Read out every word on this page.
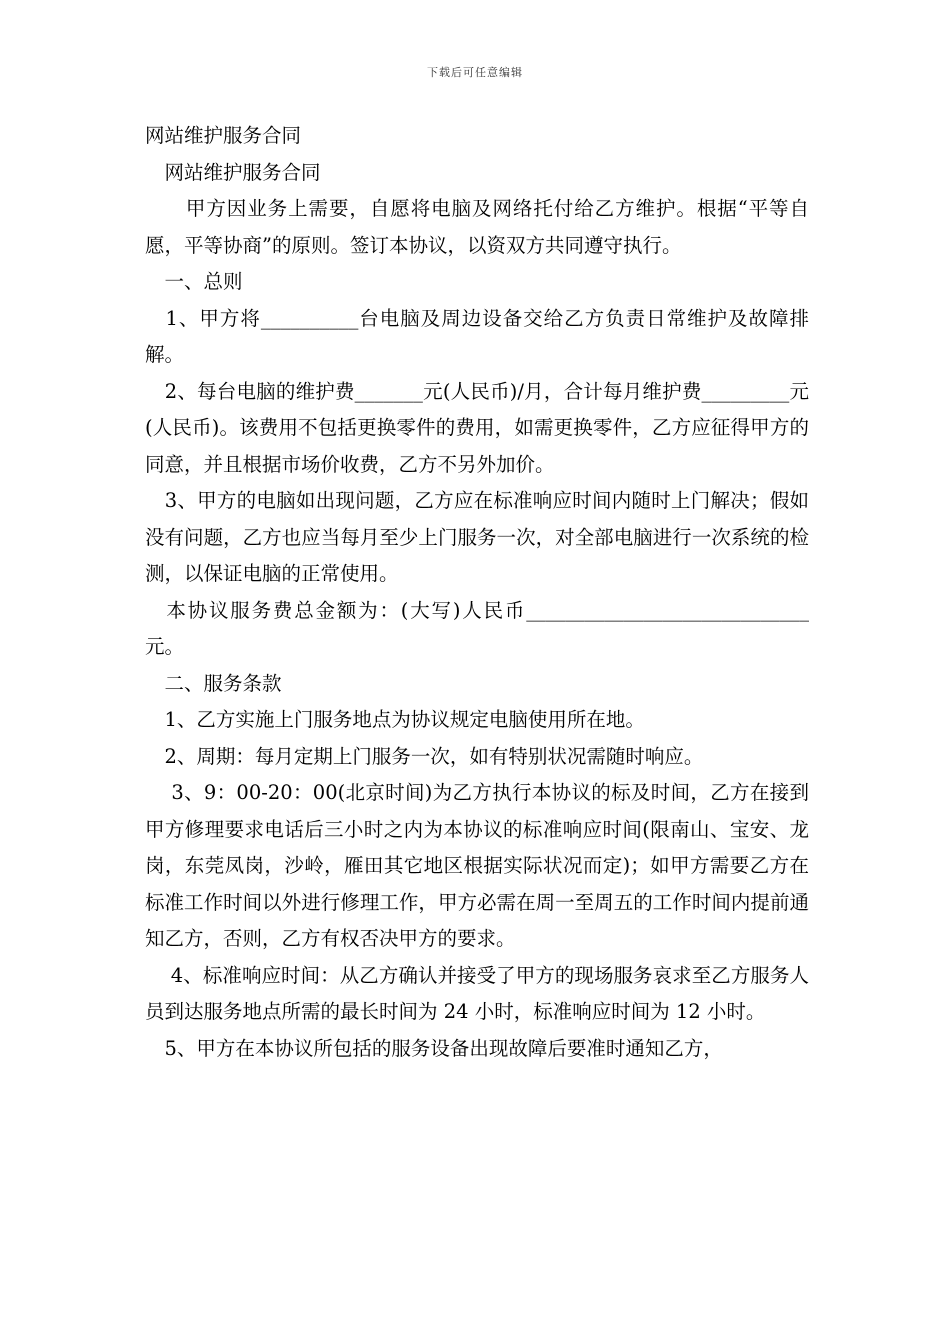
下载后可任意编辑

网站维护服务合同

　网站维护服务合同

　　甲方因业务上需要，自愿将电脑及网络托付给乙方维护。根据“平等自愿，平等协商”的原则。签订本协议，以资双方共同遵守执行。

　一、总则

　1、甲方将__________台电脑及周边设备交给乙方负责日常维护及故障排解。

　2、每台电脑的维护费_______元(人民币)/月，合计每月维护费_________元(人民币)。该费用不包括更换零件的费用，如需更换零件，乙方应征得甲方的同意，并且根据市场价收费，乙方不另外加价。

　3、甲方的电脑如出现问题，乙方应在标准响应时间内随时上门解决；假如没有问题，乙方也应当每月至少上门服务一次，对全部电脑进行一次系统的检测，以保证电脑的正常使用。

　本协议服务费总金额为：(大写)人民币_____________________________元。

　二、服务条款

　1、乙方实施上门服务地点为协议规定电脑使用所在地。

　2、周期：每月定期上门服务一次，如有特别状况需随时响应。

　 3、9：00-20：00(北京时间)为乙方执行本协议的标及时间，乙方在接到甲方修理要求电话后三小时之内为本协议的标准响应时间(限南山、宝安、龙岗，东莞凤岗，沙岭，雁田其它地区根据实际状况而定)；如甲方需要乙方在标准工作时间以外进行修理工作，甲方必需在周一至周五的工作时间内提前通知乙方，否则，乙方有权否决甲方的要求。

　 4、标准响应时间：从乙方确认并接受了甲方的现场服务哀求至乙方服务人员到达服务地点所需的最长时间为 24 小时，标准响应时间为 12 小时。

　5、甲方在本协议所包括的服务设备出现故障后要准时通知乙方，
